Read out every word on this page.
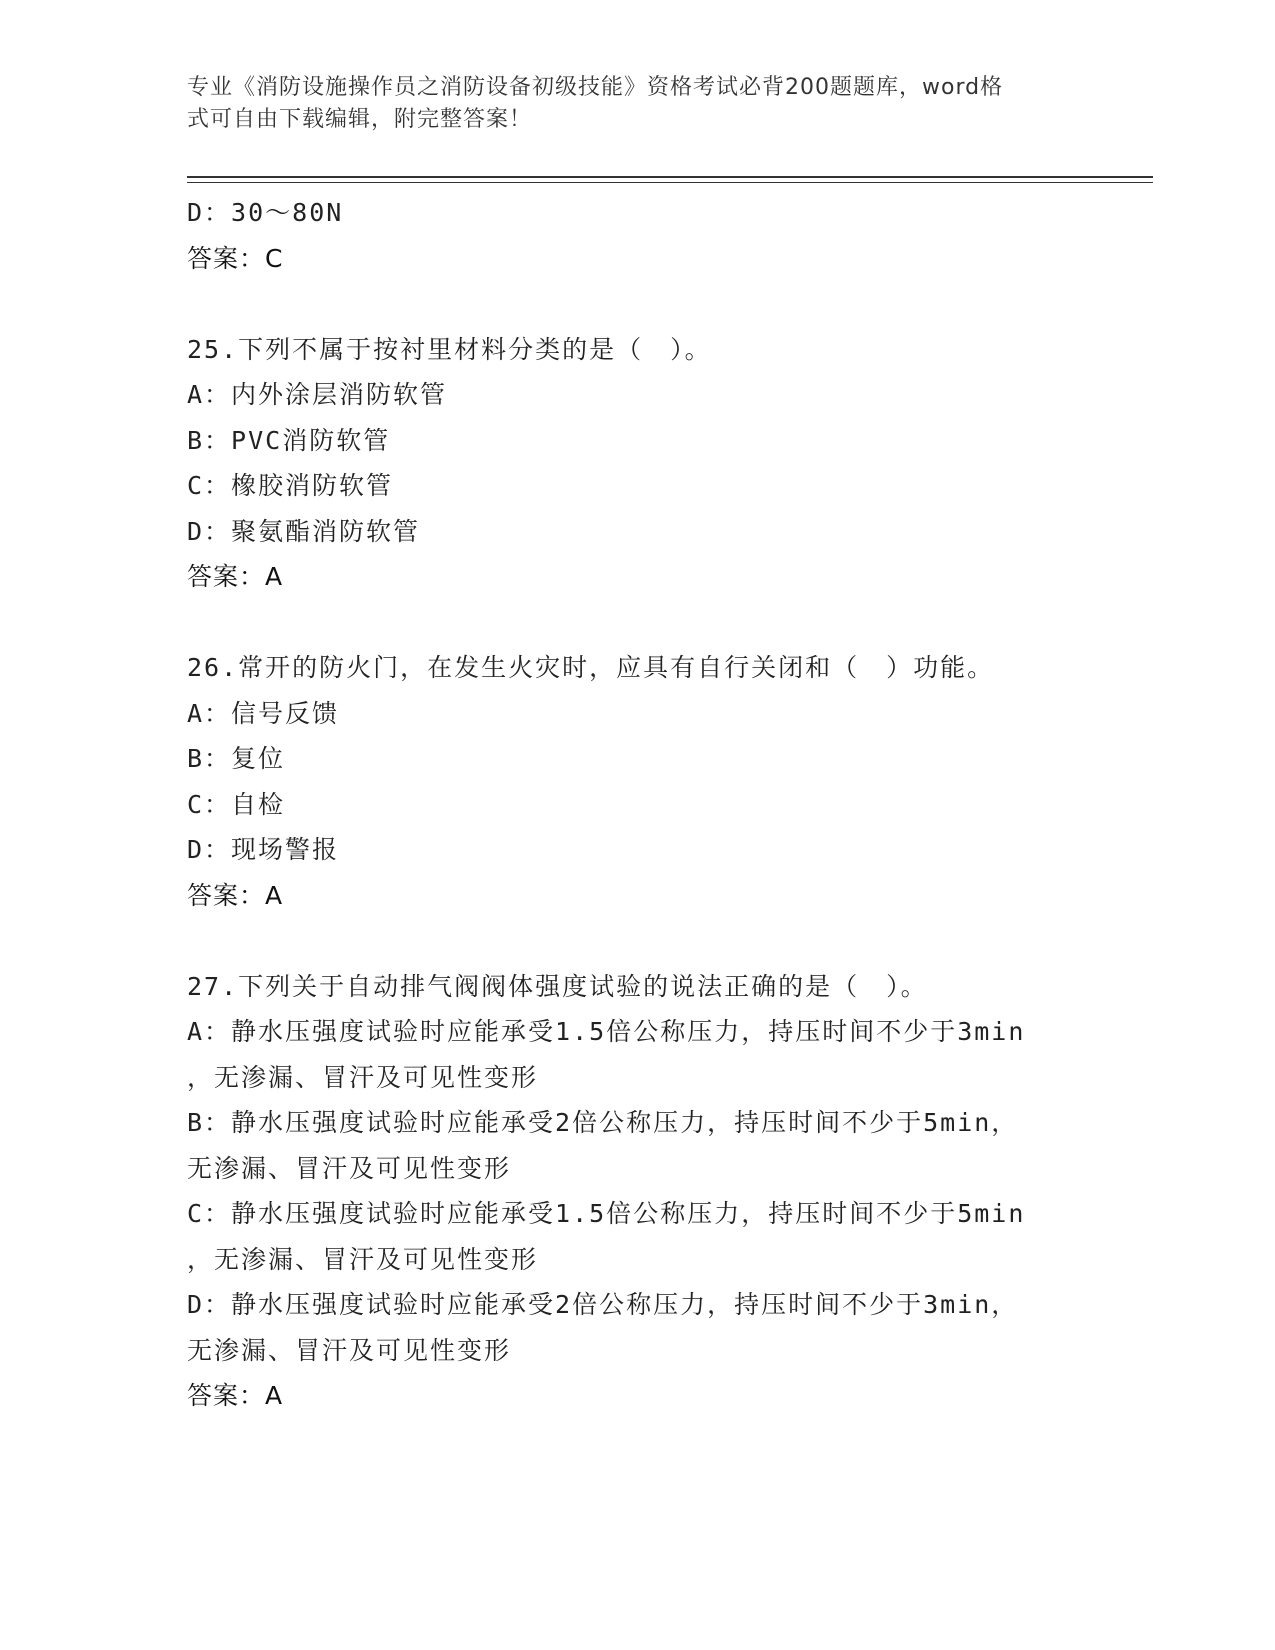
专业《消防设施操作员之消防设备初级技能》资格考试必背200题题库，word格
式可自由下载编辑，附完整答案！
D：30～80N
答案：C
25.下列不属于按衬里材料分类的是（　）。
A：内外涂层消防软管
B：PVC消防软管
C：橡胶消防软管
D：聚氨酯消防软管
答案：A
26.常开的防火门，在发生火灾时，应具有自行关闭和（　）功能。
A：信号反馈
B：复位
C：自检
D：现场警报
答案：A
27.下列关于自动排气阀阀体强度试验的说法正确的是（　）。
A：静水压强度试验时应能承受1.5倍公称压力，持压时间不少于3min
，无渗漏、冒汗及可见性变形
B：静水压强度试验时应能承受2倍公称压力，持压时间不少于5min，
无渗漏、冒汗及可见性变形
C：静水压强度试验时应能承受1.5倍公称压力，持压时间不少于5min
，无渗漏、冒汗及可见性变形
D：静水压强度试验时应能承受2倍公称压力，持压时间不少于3min，
无渗漏、冒汗及可见性变形
答案：A
